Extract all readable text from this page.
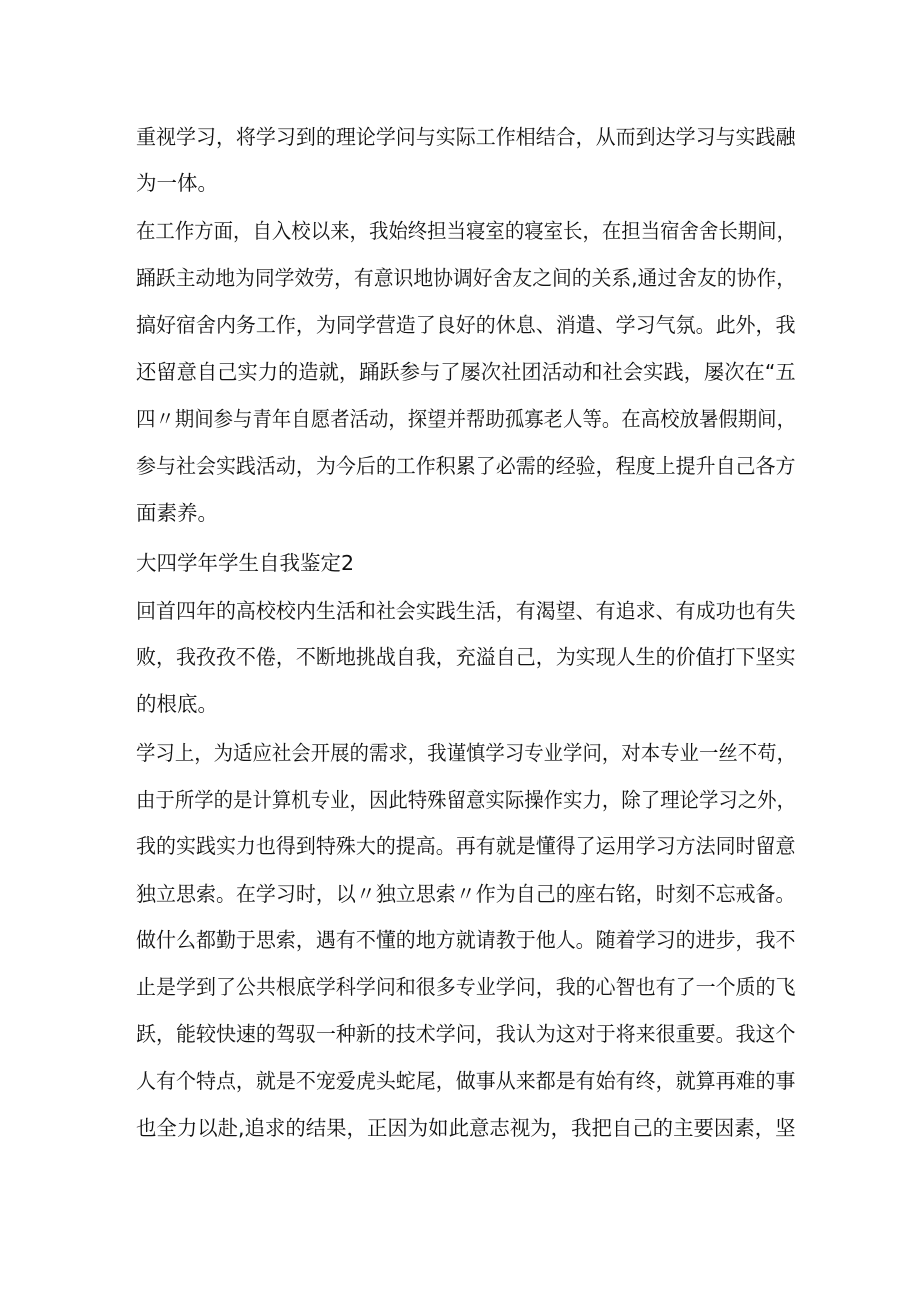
重视学习，将学习到的理论学问与实际工作相结合，从而到达学习与实践融
为一体。
在工作方面，自入校以来，我始终担当寝室的寝室长，在担当宿舍舍长期间，
踊跃主动地为同学效劳，有意识地协调好舍友之间的关系,通过舍友的协作，
搞好宿舍内务工作，为同学营造了良好的休息、消遣、学习气氛。此外，我
还留意自己实力的造就，踊跃参与了屡次社团活动和社会实践，屡次在“五
四〃期间参与青年自愿者活动，探望并帮助孤寡老人等。在高校放暑假期间，
参与社会实践活动，为今后的工作积累了必需的经验，程度上提升自己各方
面素养。
大四学年学生自我鉴定2
回首四年的高校校内生活和社会实践生活，有渴望、有追求、有成功也有失
败，我孜孜不倦，不断地挑战自我，充溢自己，为实现人生的价值打下坚实
的根底。
学习上，为适应社会开展的需求，我谨慎学习专业学问，对本专业一丝不苟，
由于所学的是计算机专业，因此特殊留意实际操作实力，除了理论学习之外，
我的实践实力也得到特殊大的提高。再有就是懂得了运用学习方法同时留意
独立思索。在学习时，以〃独立思索〃作为自己的座右铭，时刻不忘戒备。
做什么都勤于思索，遇有不懂的地方就请教于他人。随着学习的进步，我不
止是学到了公共根底学科学问和很多专业学问，我的心智也有了一个质的飞
跃，能较快速的驾驭一种新的技术学问，我认为这对于将来很重要。我这个
人有个特点，就是不宠爱虎头蛇尾，做事从来都是有始有终，就算再难的事
也全力以赴,追求的结果，正因为如此意志视为，我把自己的主要因素，坚
